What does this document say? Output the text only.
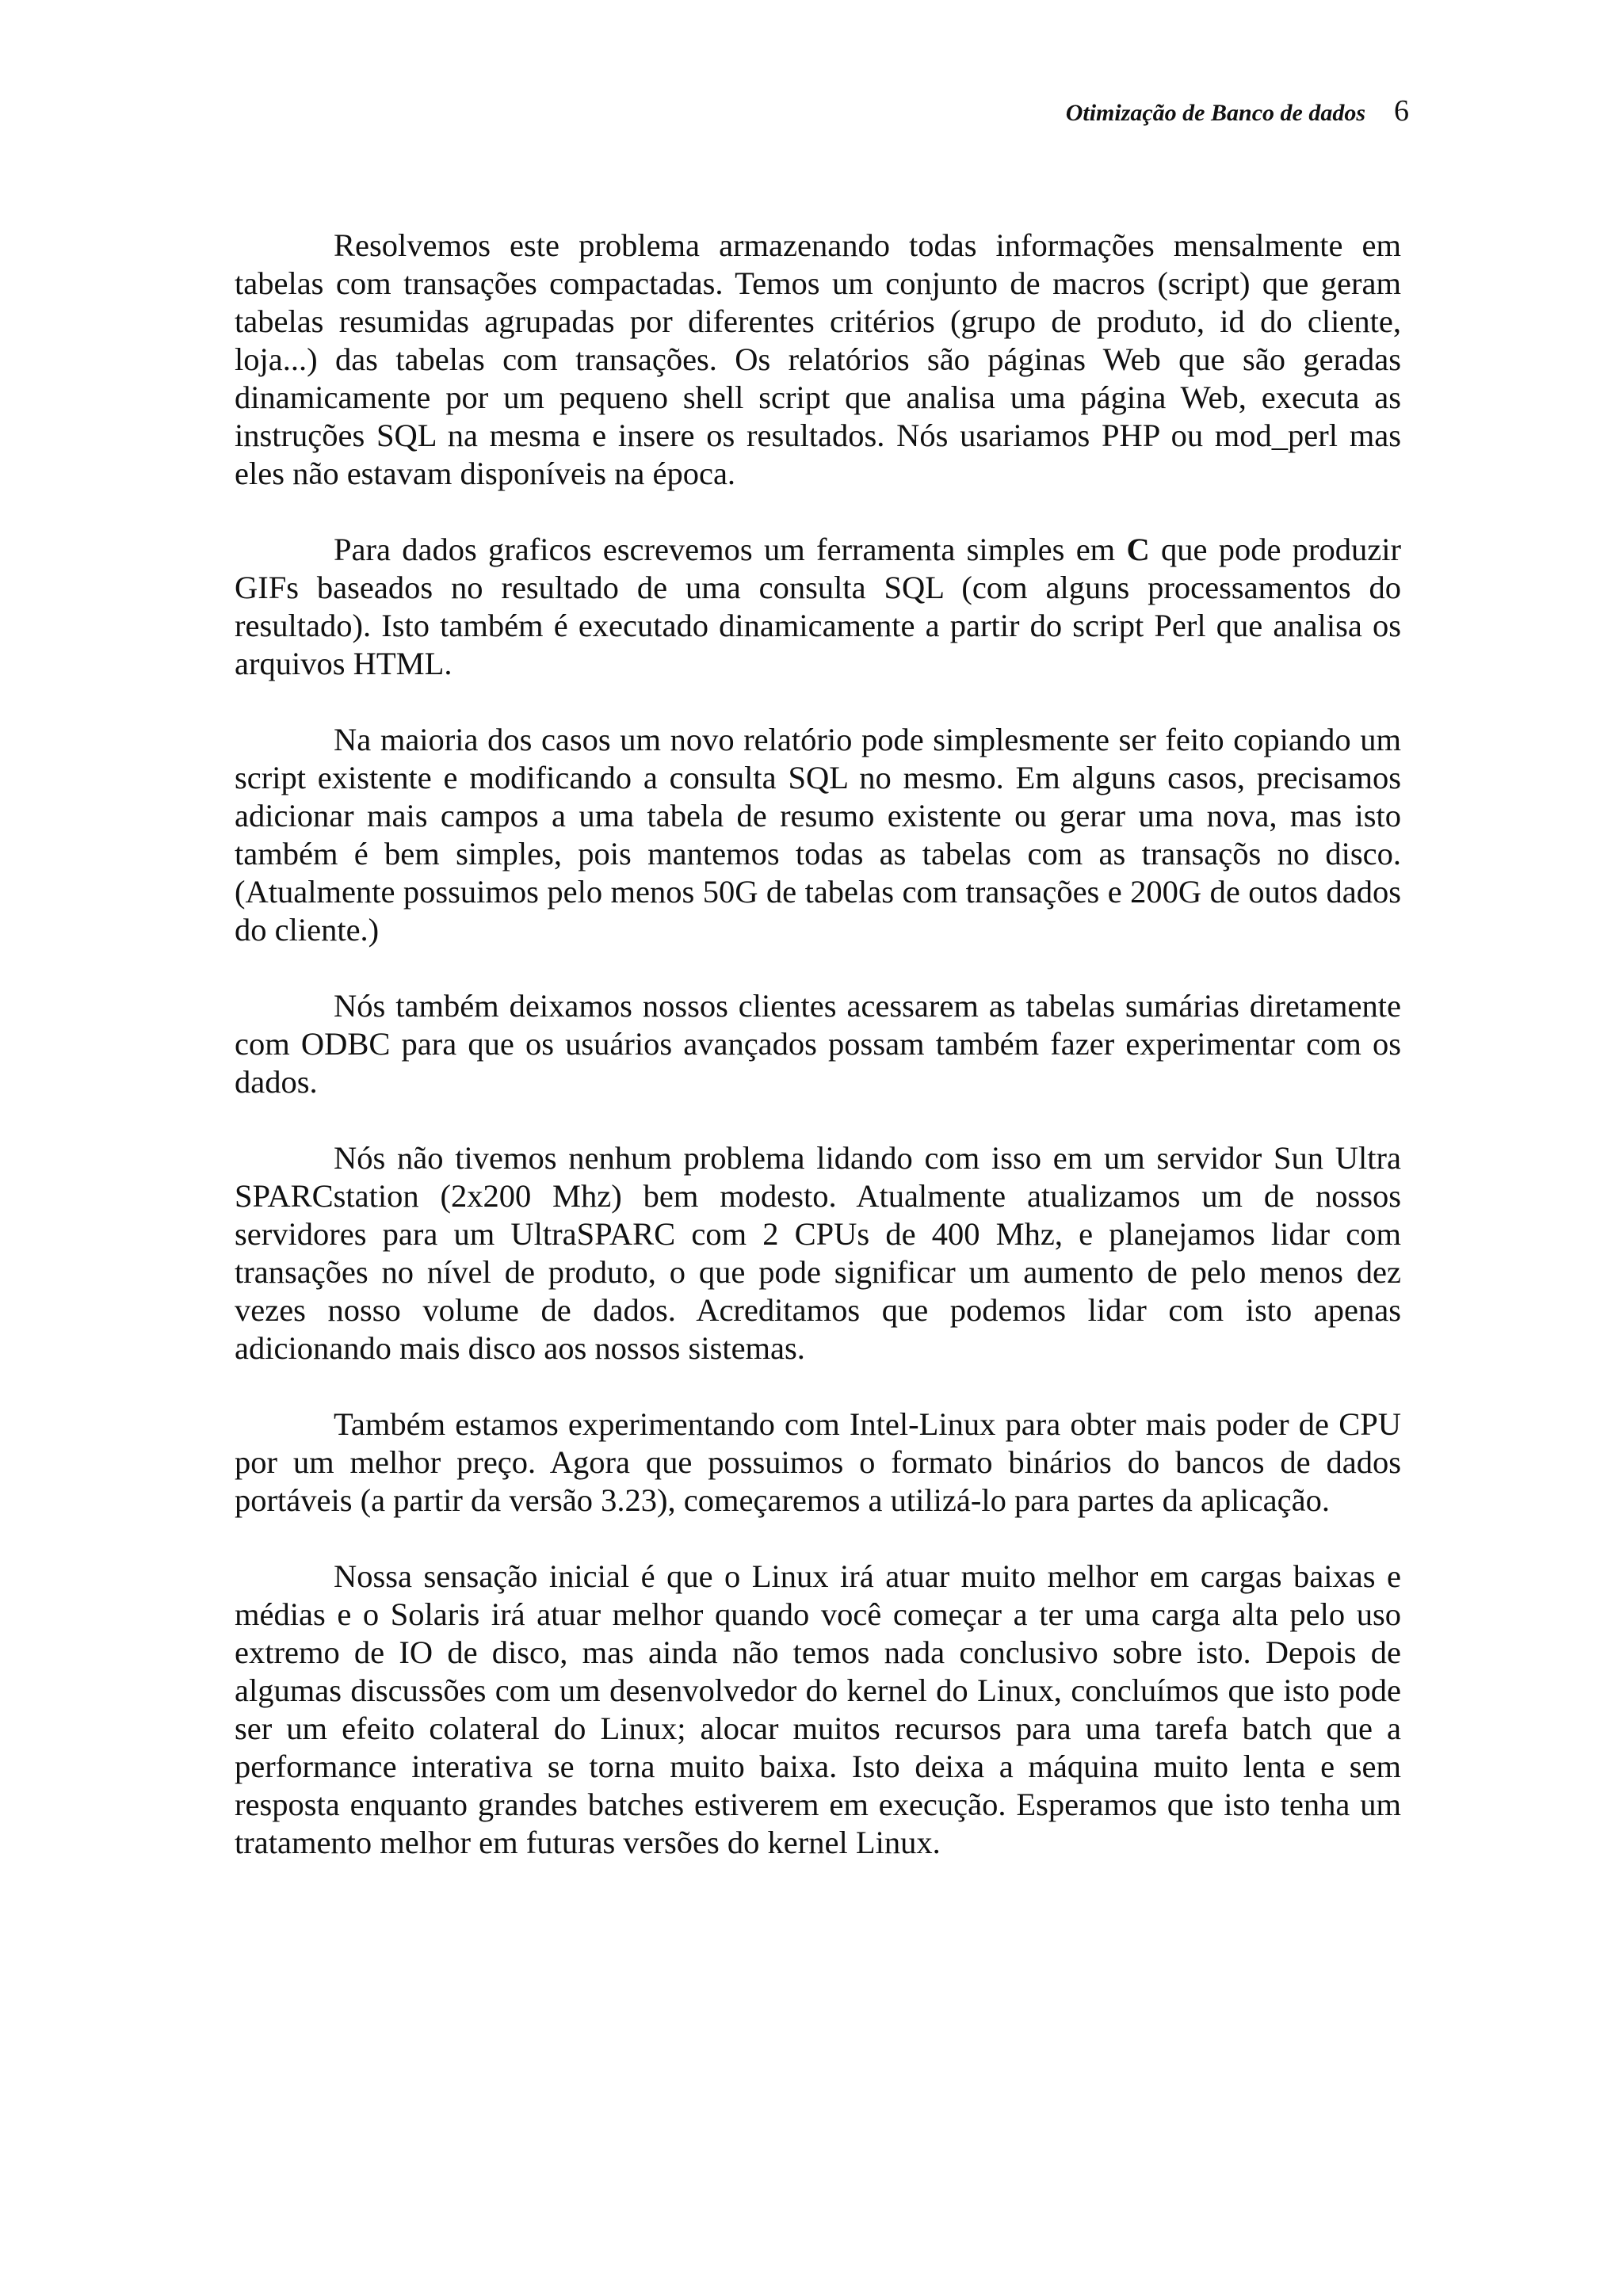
Otimização de Banco de dados 6

Resolvemos este problema armazenando todas informações mensalmente em tabelas com transações compactadas. Temos um conjunto de macros (script) que geram tabelas resumidas agrupadas por diferentes critérios (grupo de produto, id do cliente, loja...) das tabelas com transações. Os relatórios são páginas Web que são geradas dinamicamente por um pequeno shell script que analisa uma página Web, executa as instruções SQL na mesma e insere os resultados. Nós usariamos PHP ou mod_perl mas eles não estavam disponíveis na época.

Para dados graficos escrevemos um ferramenta simples em C que pode produzir GIFs baseados no resultado de uma consulta SQL (com alguns processamentos do resultado). Isto também é executado dinamicamente a partir do script Perl que analisa os arquivos HTML.

Na maioria dos casos um novo relatório pode simplesmente ser feito copiando um script existente e modificando a consulta SQL no mesmo. Em alguns casos, precisamos adicionar mais campos a uma tabela de resumo existente ou gerar uma nova, mas isto também é bem simples, pois mantemos todas as tabelas com as transaçõs no disco. (Atualmente possuimos pelo menos 50G de tabelas com transações e 200G de outos dados do cliente.)

Nós também deixamos nossos clientes acessarem as tabelas sumárias diretamente com ODBC para que os usuários avançados possam também fazer experimentar com os dados.

Nós não tivemos nenhum problema lidando com isso em um servidor Sun Ultra SPARCstation (2x200 Mhz) bem modesto. Atualmente atualizamos um de nossos servidores para um UltraSPARC com 2 CPUs de 400 Mhz, e planejamos lidar com transações no nível de produto, o que pode significar um aumento de pelo menos dez vezes nosso volume de dados. Acreditamos que podemos lidar com isto apenas adicionando mais disco aos nossos sistemas.

Também estamos experimentando com Intel-Linux para obter mais poder de CPU por um melhor preço. Agora que possuimos o formato binários do bancos de dados portáveis (a partir da versão 3.23), começaremos a utilizá-lo para partes da aplicação.

Nossa sensação inicial é que o Linux irá atuar muito melhor em cargas baixas e médias e o Solaris irá atuar melhor quando você começar a ter uma carga alta pelo uso extremo de IO de disco, mas ainda não temos nada conclusivo sobre isto. Depois de algumas discussões com um desenvolvedor do kernel do Linux, concluímos que isto pode ser um efeito colateral do Linux; alocar muitos recursos para uma tarefa batch que a performance interativa se torna muito baixa. Isto deixa a máquina muito lenta e sem resposta enquanto grandes batches estiverem em execução. Esperamos que isto tenha um tratamento melhor em futuras versões do kernel Linux.
